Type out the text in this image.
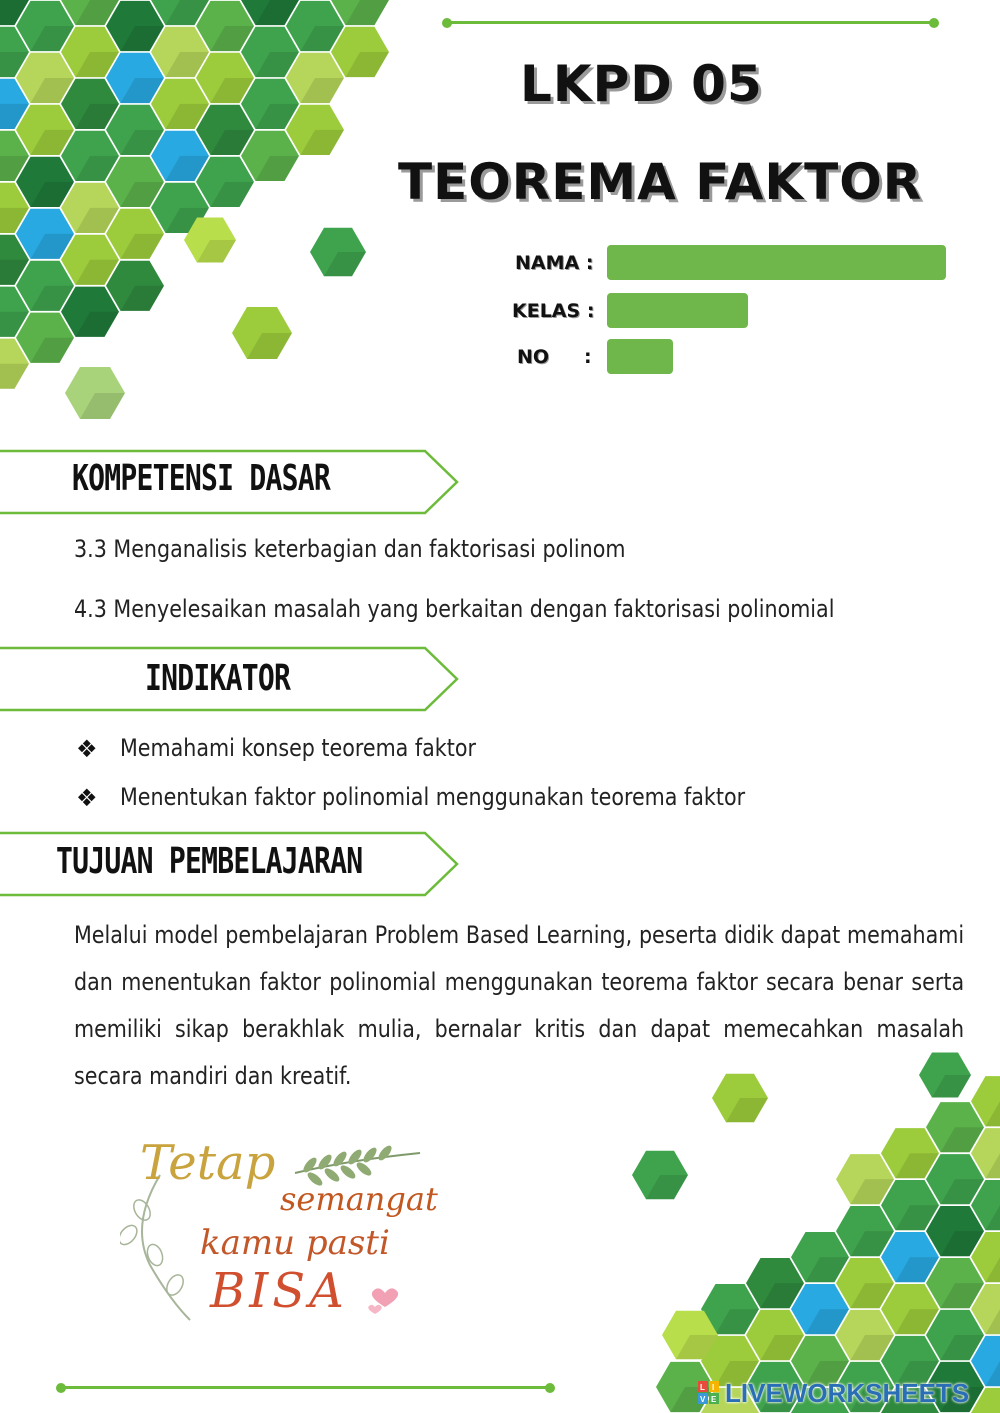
LKPD 05
TEOREMA FAKTOR
NAMA :
KELAS :
NO :
KOMPETENSI DASAR
3.3 Menganalisis keterbagian dan faktorisasi polinom
4.3 Menyelesaikan masalah yang berkaitan dengan faktorisasi polinomial
INDIKATOR
❖ Memahami konsep teorema faktor
❖ Menentukan faktor polinomial menggunakan teorema faktor
TUJUAN PEMBELAJARAN
Melalui model pembelajaran Problem Based Learning, peserta didik dapat memahami dan menentukan faktor polinomial menggunakan teorema faktor secara benar serta memiliki sikap berakhlak mulia, bernalar kritis dan dapat memecahkan masalah secara mandiri dan kreatif.
Tetap
semangat
kamu pasti
BISA
L I
V E LIVEWORKSHEETS
